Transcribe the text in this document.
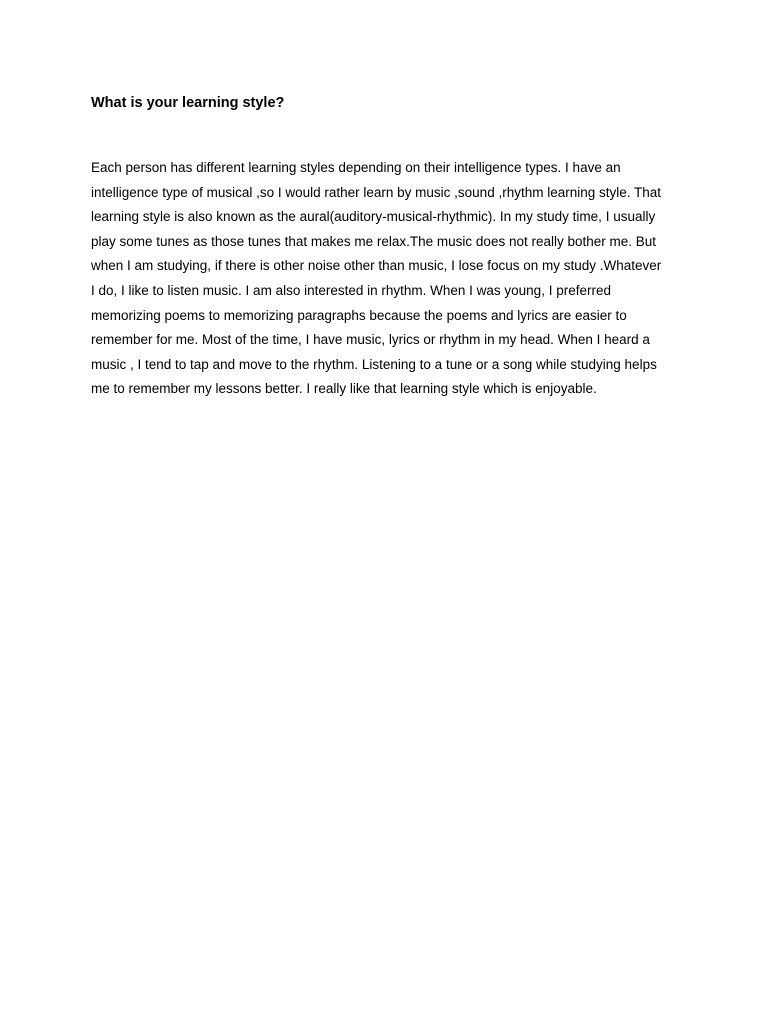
What is your learning style?

Each person has different learning styles depending on their intelligence types. I have an
intelligence type of musical ,so I would rather learn by music ,sound ,rhythm learning style. That
learning style is also known as the aural(auditory-musical-rhythmic). In my study time, I usually
play some tunes as those tunes that makes me relax.The music does not really bother me. But
when I am studying, if there is other noise other than music, I lose focus on my study .Whatever
I do, I like to listen music. I am also interested in rhythm. When I was young, I preferred
memorizing poems to memorizing paragraphs because the poems and lyrics are easier to
remember for me. Most of the time, I have music, lyrics or rhythm in my head. When I heard a
music , I tend to tap and move to the rhythm. Listening to a tune or a song while studying helps
me to remember my lessons better. I really like that learning style which is enjoyable.
